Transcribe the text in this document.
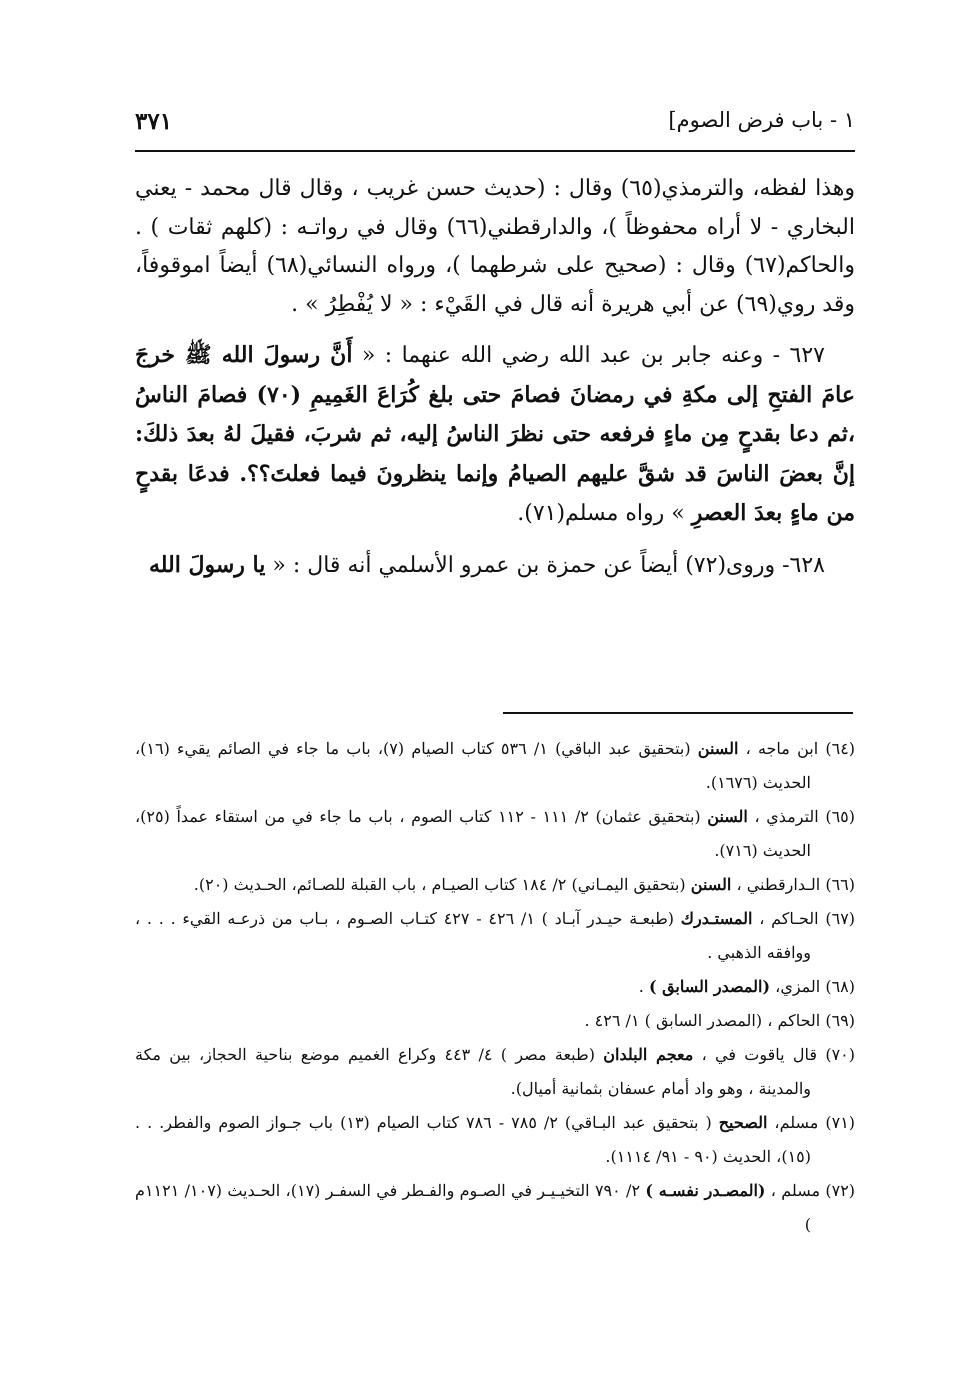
١ - باب فرض الصوم]
٣٧١

وهذا لفظه، والترمذي(٦٥) وقال : (حديث حسن غريب ، وقال قال محمد - يعني البخاري - لا أراه محفوظاً )، والدارقطني(٦٦) وقال في رواتـه : (كلهم ثقات ) . والحاكم(٦٧) وقال : (صحيح على شرطهما )، ورواه النسائي(٦٨) أيضاً اموقوفاً، وقد روي(٦٩) عن أبي هريرة أنه قال في القَيْء : « لا يُفْطِرُ » .

٦٢٧ - وعنه جابر بن عبد الله رضي الله عنهما : « أَنَّ رسولَ الله ﷺ خرجَ عامَ الفتحِ إلى مكةِ في رمضانَ فصامَ حتى بلغ كُرَاعَ الغَمِيمِ (٧٠) فصامَ الناسُ ،ثم دعا بقدحٍ مِن ماءٍ فرفعه حتى نظرَ الناسُ إليه، ثم شربَ، فقيلَ لهُ بعدَ ذلكَ: إنَّ بعضَ الناسَ قد شقَّ عليهم الصيامُ وإنما ينظرونَ فيما فعلتَ؟؟. فدعَا بقدحٍ من ماءٍ بعدَ العصرِ » رواه مسلم(٧١).

٦٢٨- وروى(٧٢) أيضاً عن حمزة بن عمرو الأسلمي أنه قال : « يا رسولَ الله

(٦٤) ابن ماجه ، السنن (بتحقيق عبد الباقي) ١/ ٥٣٦ كتاب الصيام (٧)، باب ما جاء في الصائم يقيء (١٦)، الحديث (١٦٧٦).
(٦٥) الترمذي ، السنن (بتحقيق عثمان) ٢/ ١١١ - ١١٢ كتاب الصوم ، باب ما جاء في من استقاء عمداً (٢٥)، الحديث (٧١٦).
(٦٦) الـدارقطني ، السنن (بتحقيق اليمـاني) ٢/ ١٨٤ كتاب الصيـام ، باب القبلة للصـائم، الحـديث (٢٠).
(٦٧) الحـاكم ، المستـدرك (طبعـة حيـدر آبـاد ) ١/ ٤٢٦ - ٤٢٧ كتـاب الصـوم ، بـاب من ذرعـه القيء . . . ، ووافقه الذهبي .
(٦٨) المزي، (المصدر السابق ) .
(٦٩) الحاكم ، (المصدر السابق ) ١/ ٤٢٦ .
(٧٠) قال ياقوت في ، معجم البلدان (طبعة مصر ) ٤/ ٤٤٣ وكراع الغميم موضع بناحية الحجاز، بين مكة والمدينة ، وهو واد أمام عسفان بثمانية أميال).
(٧١) مسلم، الصحيح ( بتحقيق عبد البـاقي) ٢/ ٧٨٥ - ٧٨٦ كتاب الصيام (١٣) باب جـواز الصوم والفطر. . . (١٥)، الحديث (٩٠ - ٩١/ ١١١٤).
(٧٢) مسلم ، (المصـدر نفسـه ) ٢/ ٧٩٠ التخيـيـر في الصـوم والفـطر في السفـر (١٧)، الحـديث (١٠٧/ ١١٢١م )
